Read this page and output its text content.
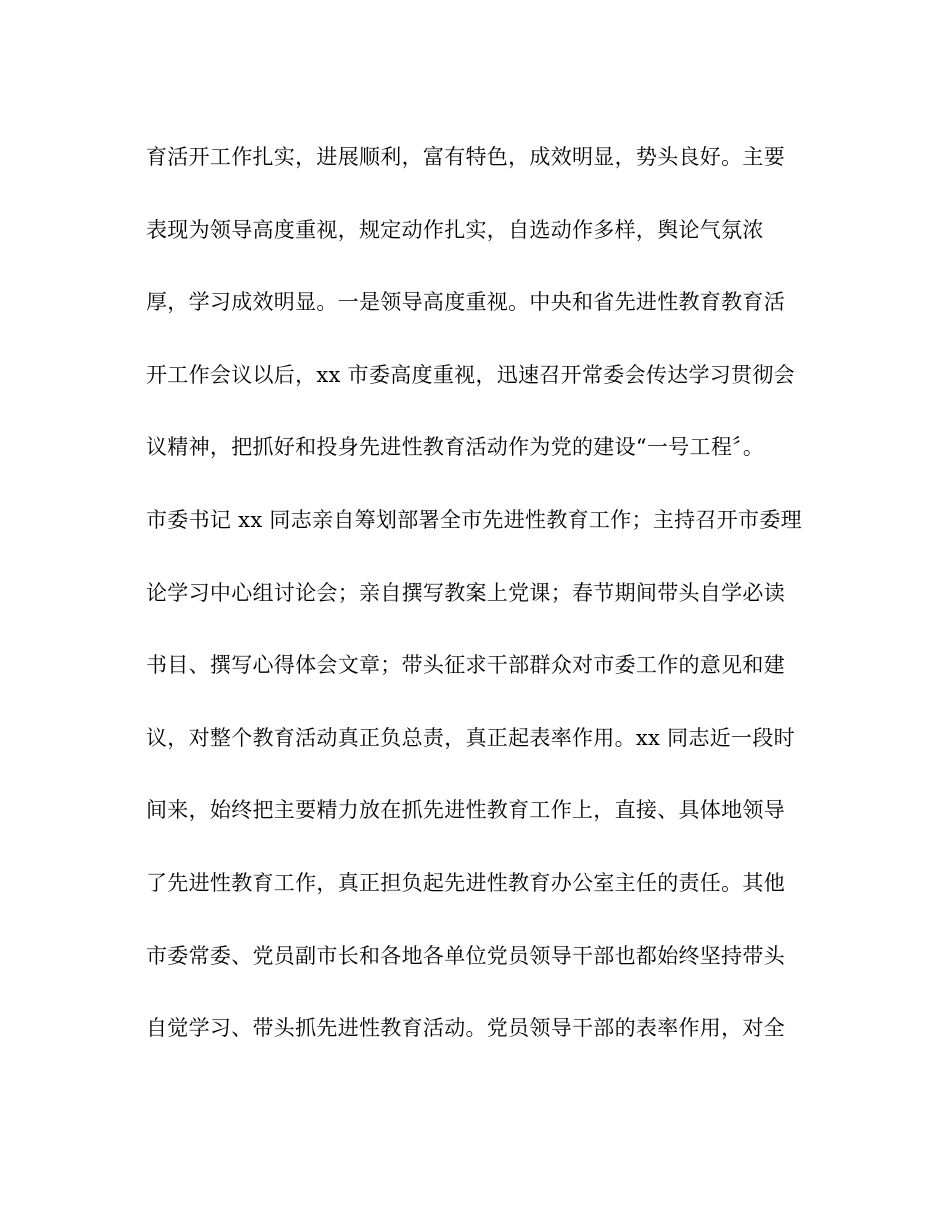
育活开工作扎实，进展顺利，富有特色，成效明显，势头良好。主要
表现为领导高度重视，规定动作扎实，自选动作多样，舆论气氛浓
厚，学习成效明显。一是领导高度重视。中央和省先进性教育教育活
开工作会议以后，xx 市委高度重视，迅速召开常委会传达学习贯彻会
议精神，把抓好和投身先进性教育活动作为党的建设“一号工程〞。
市委书记 xx 同志亲自筹划部署全市先进性教育工作；主持召开市委理
论学习中心组讨论会；亲自撰写教案上党课；春节期间带头自学必读
书目、撰写心得体会文章；带头征求干部群众对市委工作的意见和建
议，对整个教育活动真正负总责，真正起表率作用。xx 同志近一段时
间来，始终把主要精力放在抓先进性教育工作上，直接、具体地领导
了先进性教育工作，真正担负起先进性教育办公室主任的责任。其他
市委常委、党员副市长和各地各单位党员领导干部也都始终坚持带头
自觉学习、带头抓先进性教育活动。党员领导干部的表率作用，对全
